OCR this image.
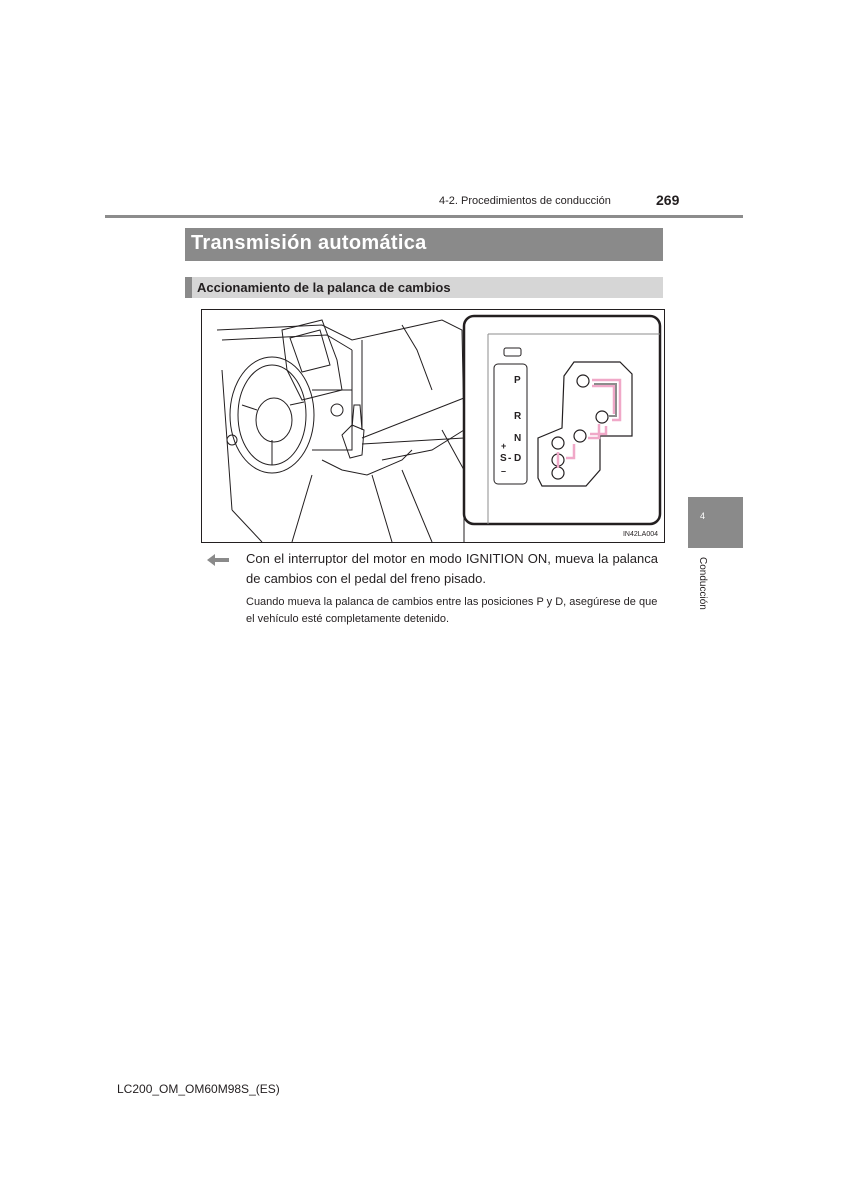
4-2. Procedimientos de conducción	269
Transmisión automática
Accionamiento de la palanca de cambios
P
R
N
+
S - D
–
IN42LA004
Con el interruptor del motor en modo IGNITION ON, mueva la palanca de cambios con el pedal del freno pisado.
Cuando mueva la palanca de cambios entre las posiciones P y D, asegúrese de que el vehículo esté completamente detenido.
4
Conducción
LC200_OM_OM60M98S_(ES)
